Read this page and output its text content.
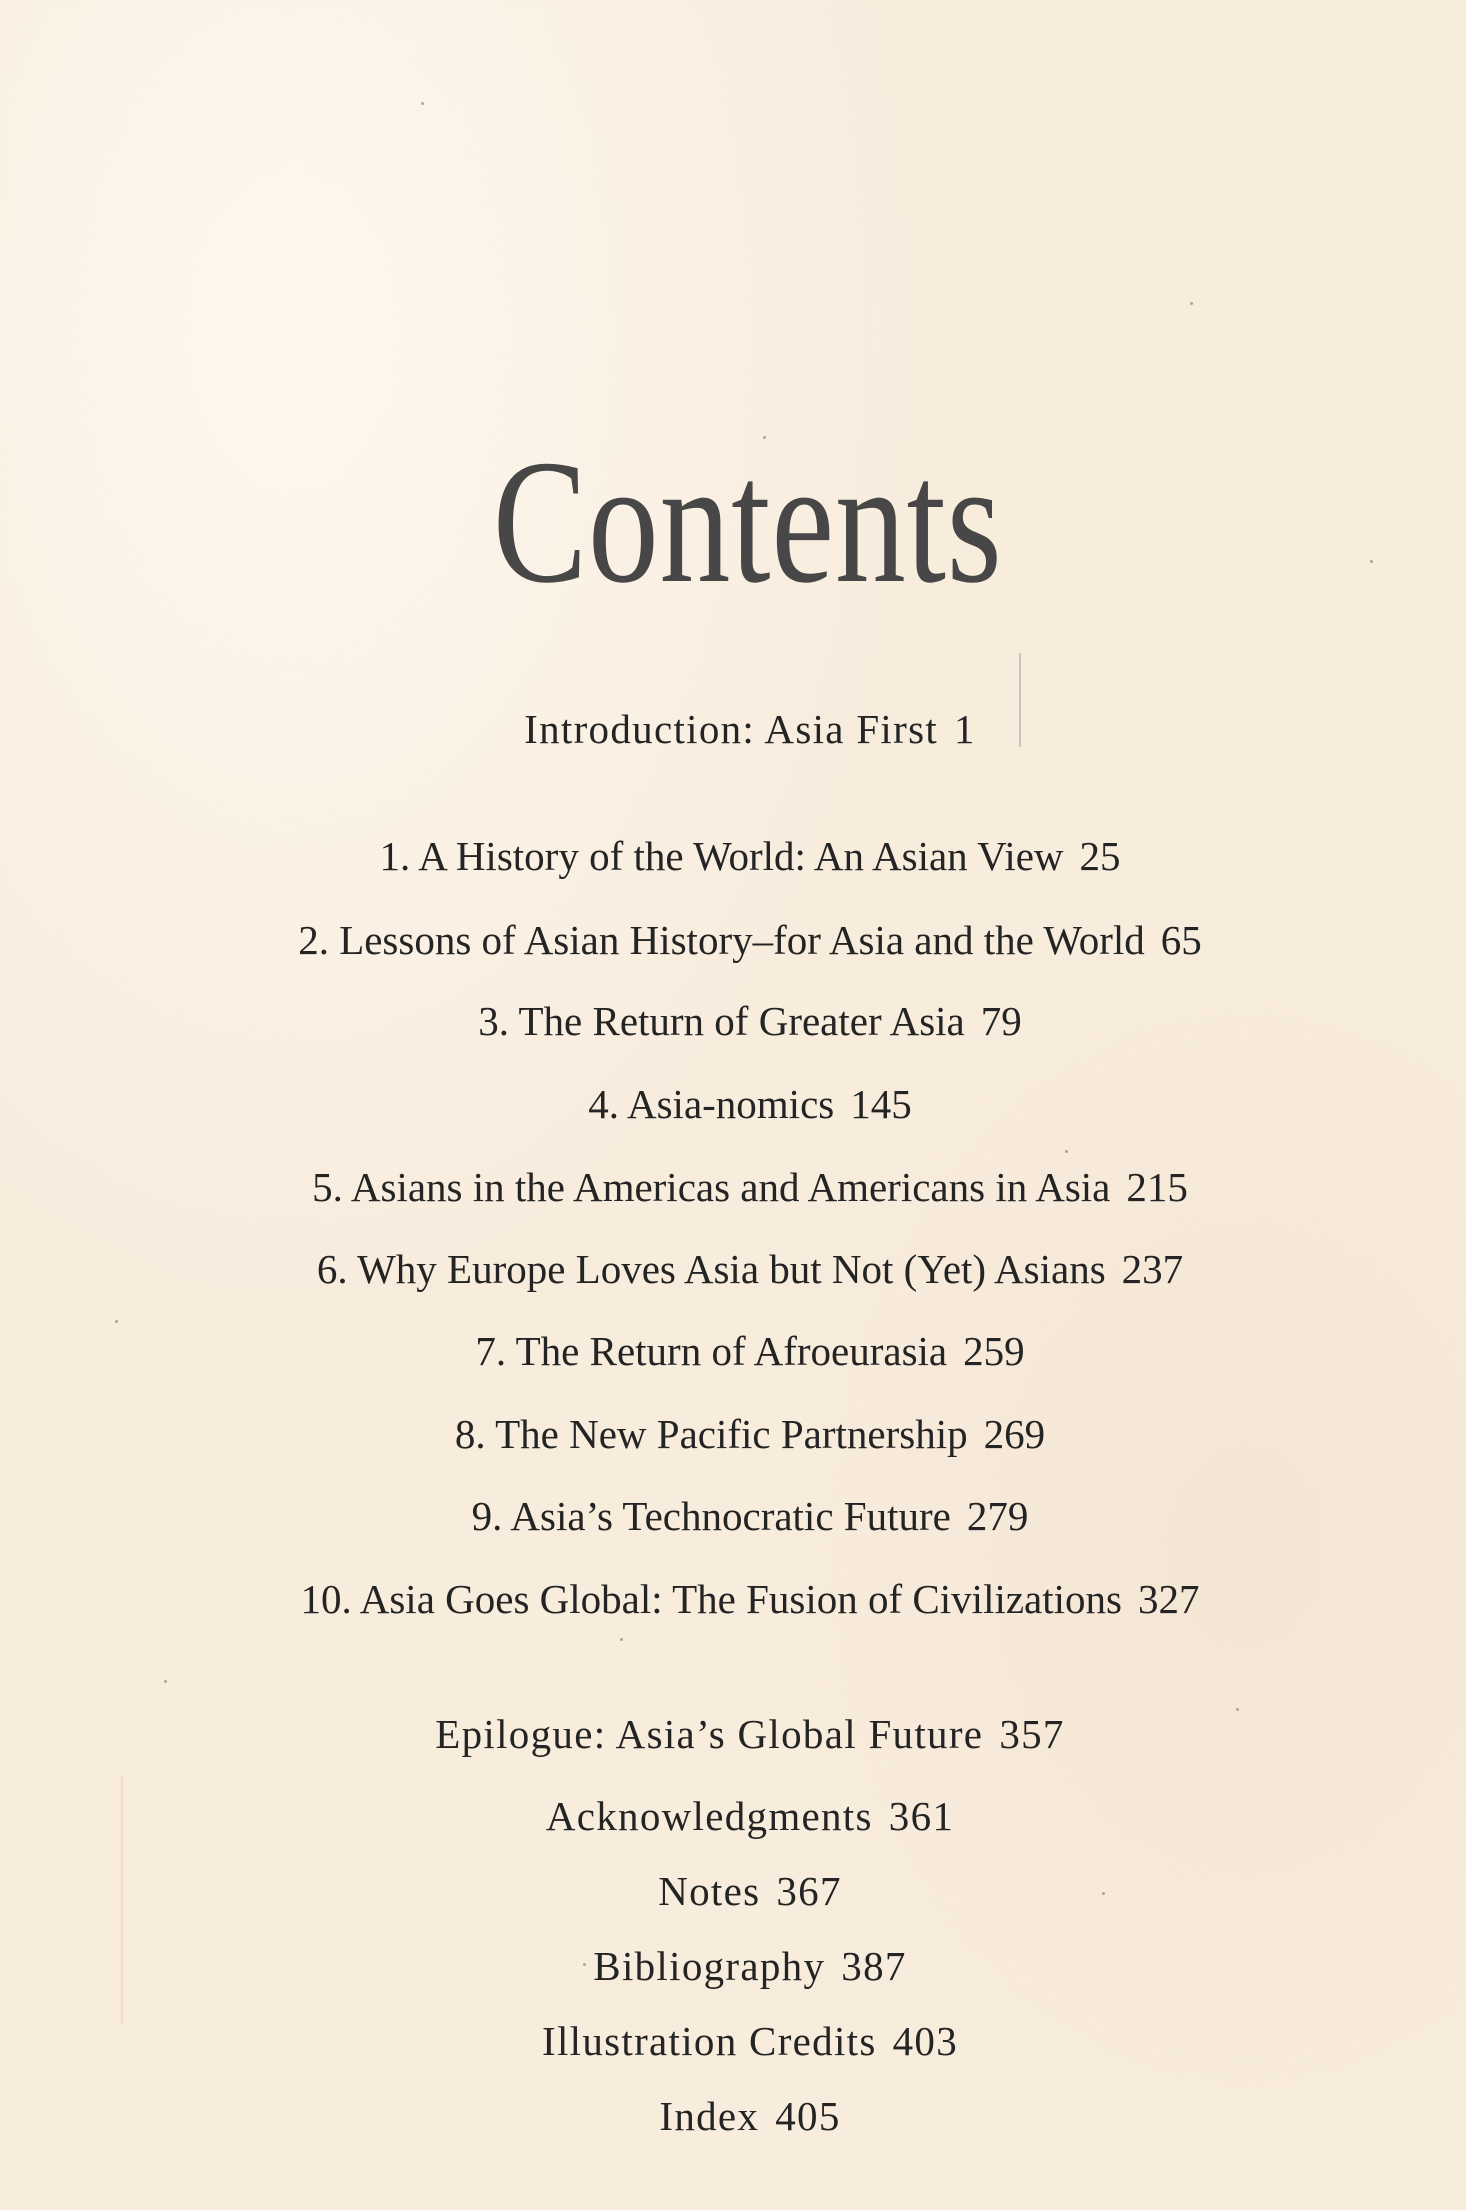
Contents
Introduction: Asia First 1
1. A History of the World: An Asian View 25
2. Lessons of Asian History–for Asia and the World 65
3. The Return of Greater Asia 79
4. Asia-nomics 145
5. Asians in the Americas and Americans in Asia 215
6. Why Europe Loves Asia but Not (Yet) Asians 237
7. The Return of Afroeurasia 259
8. The New Pacific Partnership 269
9. Asia’s Technocratic Future 279
10. Asia Goes Global: The Fusion of Civilizations 327
Epilogue: Asia’s Global Future 357
Acknowledgments 361
Notes 367
Bibliography 387
Illustration Credits 403
Index 405
